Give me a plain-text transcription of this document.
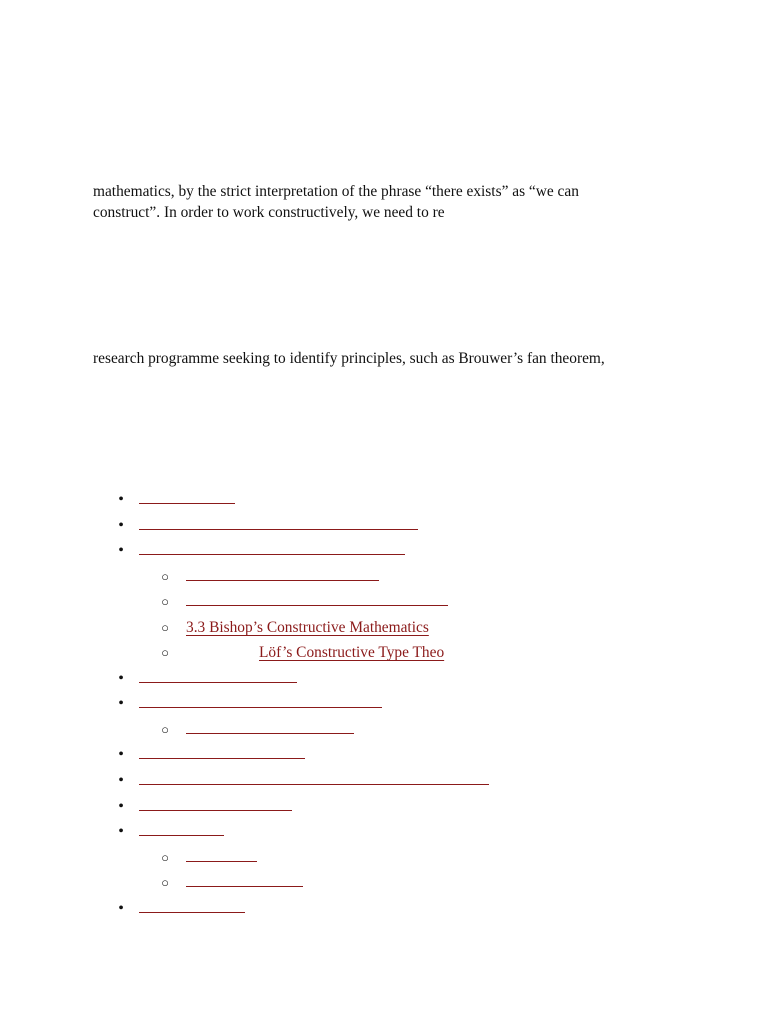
mathematics, by the strict interpretation of the phrase “there exists” as “we can
construct”. In order to work constructively, we need to re

research programme seeking to identify principles, such as Brouwer’s fan theorem,

•
•
•
○
○
○ 3.3 Bishop’s Constructive Mathematics
○	Löf’s Constructive Type Theo
•
•
○
•
•
•
•
○
○
•
